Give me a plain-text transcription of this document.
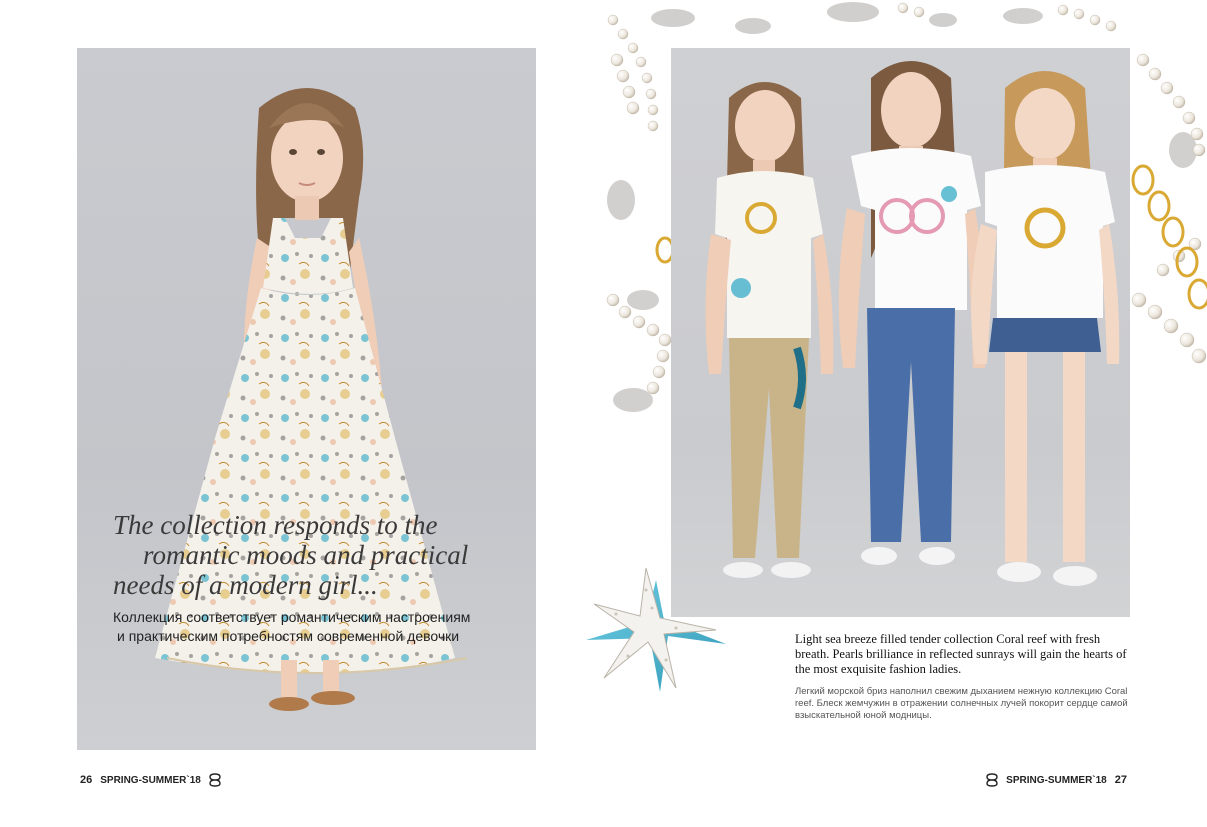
The collection responds to the
romantic moods and practical
needs of a modern girl...
Коллекция соответствует романтическим настроениям
и практическим потребностям современной девочки
26 SPRING-SUMMER`18	SPRING-SUMMER`18 27
Light sea breeze filled tender collection Coral reef with fresh breath. Pearls brilliance in reflected sunrays will gain the hearts of the most exquisite fashion ladies.
Легкий морской бриз наполнил свежим дыханием нежную коллекцию Coral reef. Блеск жемчужин в отражении солнечных лучей покорит сердце самой взыскательной юной модницы.
